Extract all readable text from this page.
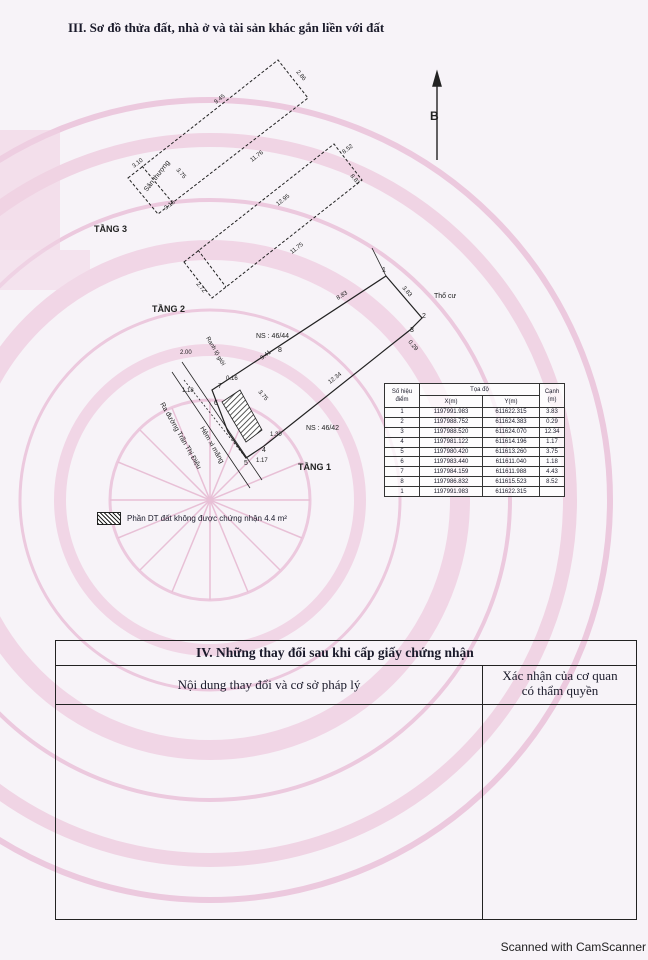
III. Sơ đồ thửa đất, nhà ở và tài sản khác gắn liền với đất
B
Sân thượng
TẦNG 3
TẦNG 2
1
2
3
4
5
6
7
8
Thổ cư
NS : 46/44
NS : 46/42
TẦNG 1
Hẻm xi măng
Ra đường Trần Thị Điệu
Ranh lộ giới
8.83
12.34
11.75
12.95
11.76
8.52
3.75
3.75
3.83
3.10
3.15
2.72
9.45
8.81
3.41
2.86
2.00
1.18
1.17
1.30
0.16
0.29
Số hiệu điểm	Tọa độ		Cạnh (m)
	X(m)	Y(m)	
1	1197991.983	611622.315	3.83
2	1197988.752	611624.383	0.29
3	1197988.520	611624.070	12.34
4	1197981.122	611614.196	1.17
5	1197980.420	611613.260	3.75
6	1197983.440	611611.040	1.18
7	1197984.159	611611.988	4.43
8	1197986.832	611615.523	8.52
1	1197991.983	611622.315	
Phần DT đất không được chứng nhận 4.4 m²
IV. Những thay đổi sau khi cấp giấy chứng nhận
Nội dung thay đổi và cơ sở pháp lý
Xác nhận của cơ quan
có thẩm quyền
Scanned with CamScanner
